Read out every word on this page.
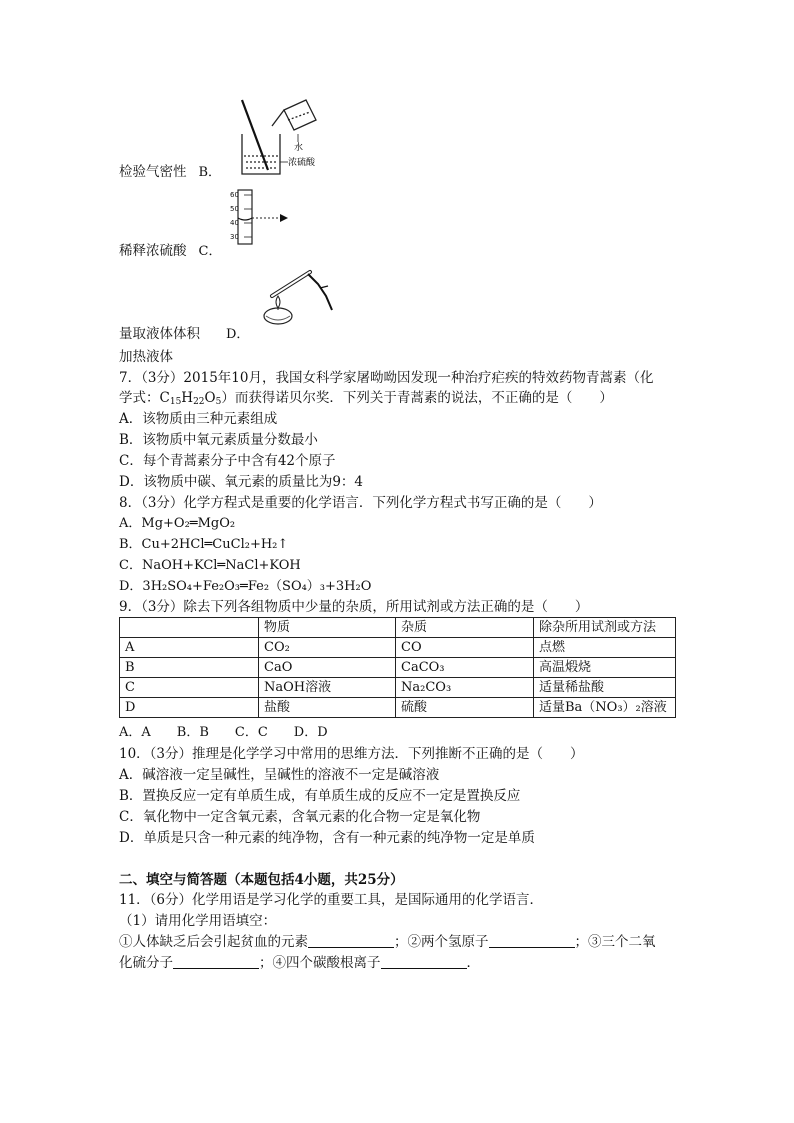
水
浓硫酸
检验气密性 B．
60
50
40
30
稀释浓硫酸 C．
量取液体体积 D．
加热液体
7．（3分）2015年10月，我国女科学家屠呦呦因发现一种治疗疟疾的特效药物青蒿素（化
学式：$C_{15}H_{22}O_5$）而获得诺贝尔奖．下列关于青蒿素的说法，不正确的是（　　）
A．该物质由三种元素组成
B．该物质中氧元素质量分数最小
C．每个青蒿素分子中含有42个原子
D．该物质中碳、氧元素的质量比为9：4
8．（3分）化学方程式是重要的化学语言．下列化学方程式书写正确的是（　　）
A．Mg+O₂═MgO₂
B．Cu+2HCl═CuCl₂+H₂↑
C．NaOH+KCl═NaCl+KOH
D．3H₂SO₄+Fe₂O₃═Fe₂（SO₄）₃+3H₂O
9．（3分）除去下列各组物质中少量的杂质，所用试剂或方法正确的是（　　）
	物质	杂质	除杂所用试剂或方法
A	CO₂	CO	点燃
B	CaO	CaCO₃	高温煅烧
C	NaOH溶液	Na₂CO₃	适量稀盐酸
D	盐酸	硫酸	适量Ba（NO₃）₂溶液
A．A　　B．B　　C．C　　D．D
10．（3分）推理是化学学习中常用的思维方法．下列推断不正确的是（　　）
A．碱溶液一定呈碱性，呈碱性的溶液不一定是碱溶液
B．置换反应一定有单质生成，有单质生成的反应不一定是置换反应
C．氧化物中一定含氧元素，含氧元素的化合物一定是氧化物
D．单质是只含一种元素的纯净物，含有一种元素的纯净物一定是单质
二、填空与简答题（本题包括4小题，共25分）
11．（6分）化学用语是学习化学的重要工具，是国际通用的化学语言．
（1）请用化学用语填空：
①人体缺乏后会引起贫血的元素	；②两个氢原子	；③三个二氧
化硫分子	；④四个碳酸根离子	．
